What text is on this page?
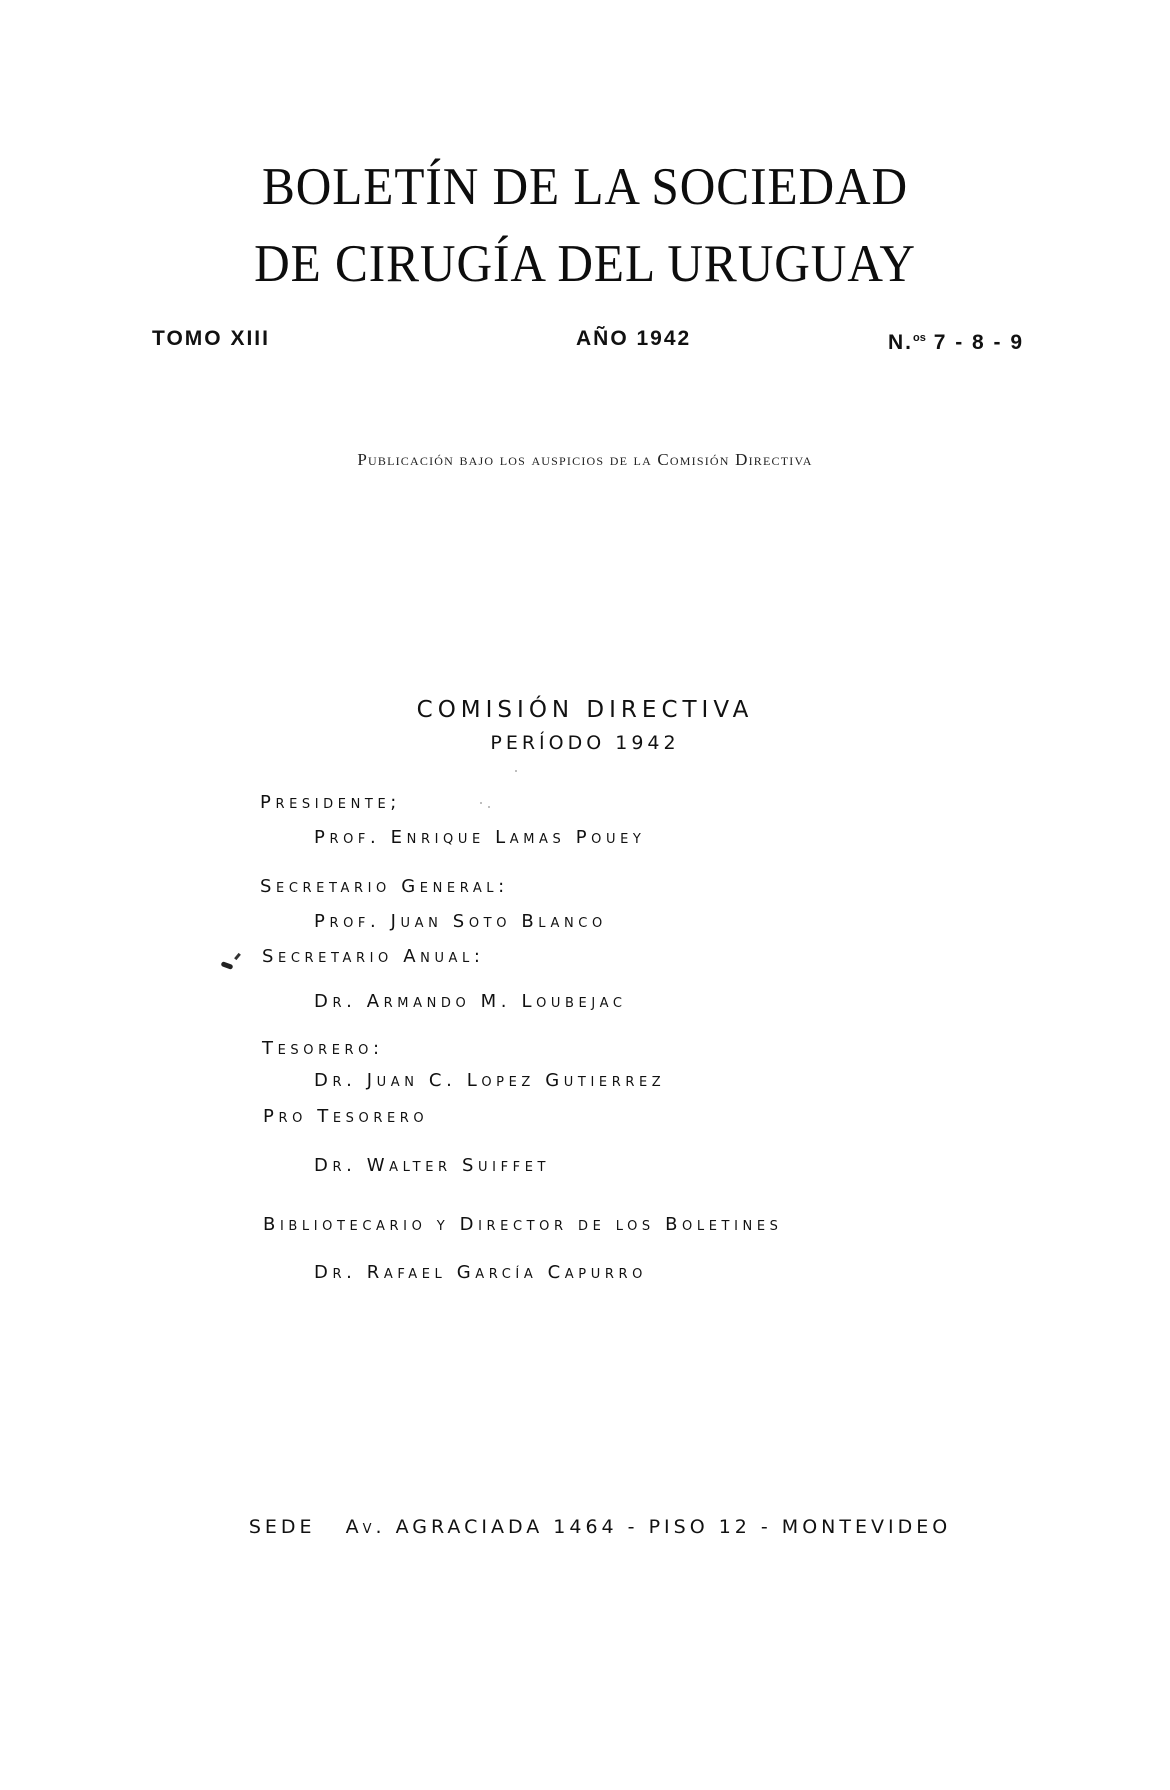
BOLETÍN DE LA SOCIEDAD
DE CIRUGÍA DEL URUGUAY
TOMO XIII	AÑO 1942	N.$^{os}$ 7 - 8 - 9
Publicación bajo los auspicios de la Comisión Directiva
COMISIÓN DIRECTIVA
PERÍODO 1942
Presidente;
Prof. Enrique Lamas Pouey
Secretario General:
Prof. Juan Soto Blanco
Secretario Anual:
Dr. Armando M. Loubejac
Tesorero:
Dr. Juan C. Lopez Gutierrez
Pro Tesorero
Dr. Walter Suiffet
Bibliotecario y Director de los Boletines
Dr. Rafael García Capurro
SEDE   Av. AGRACIADA 1464 - PISO 12 - MONTEVIDEO
